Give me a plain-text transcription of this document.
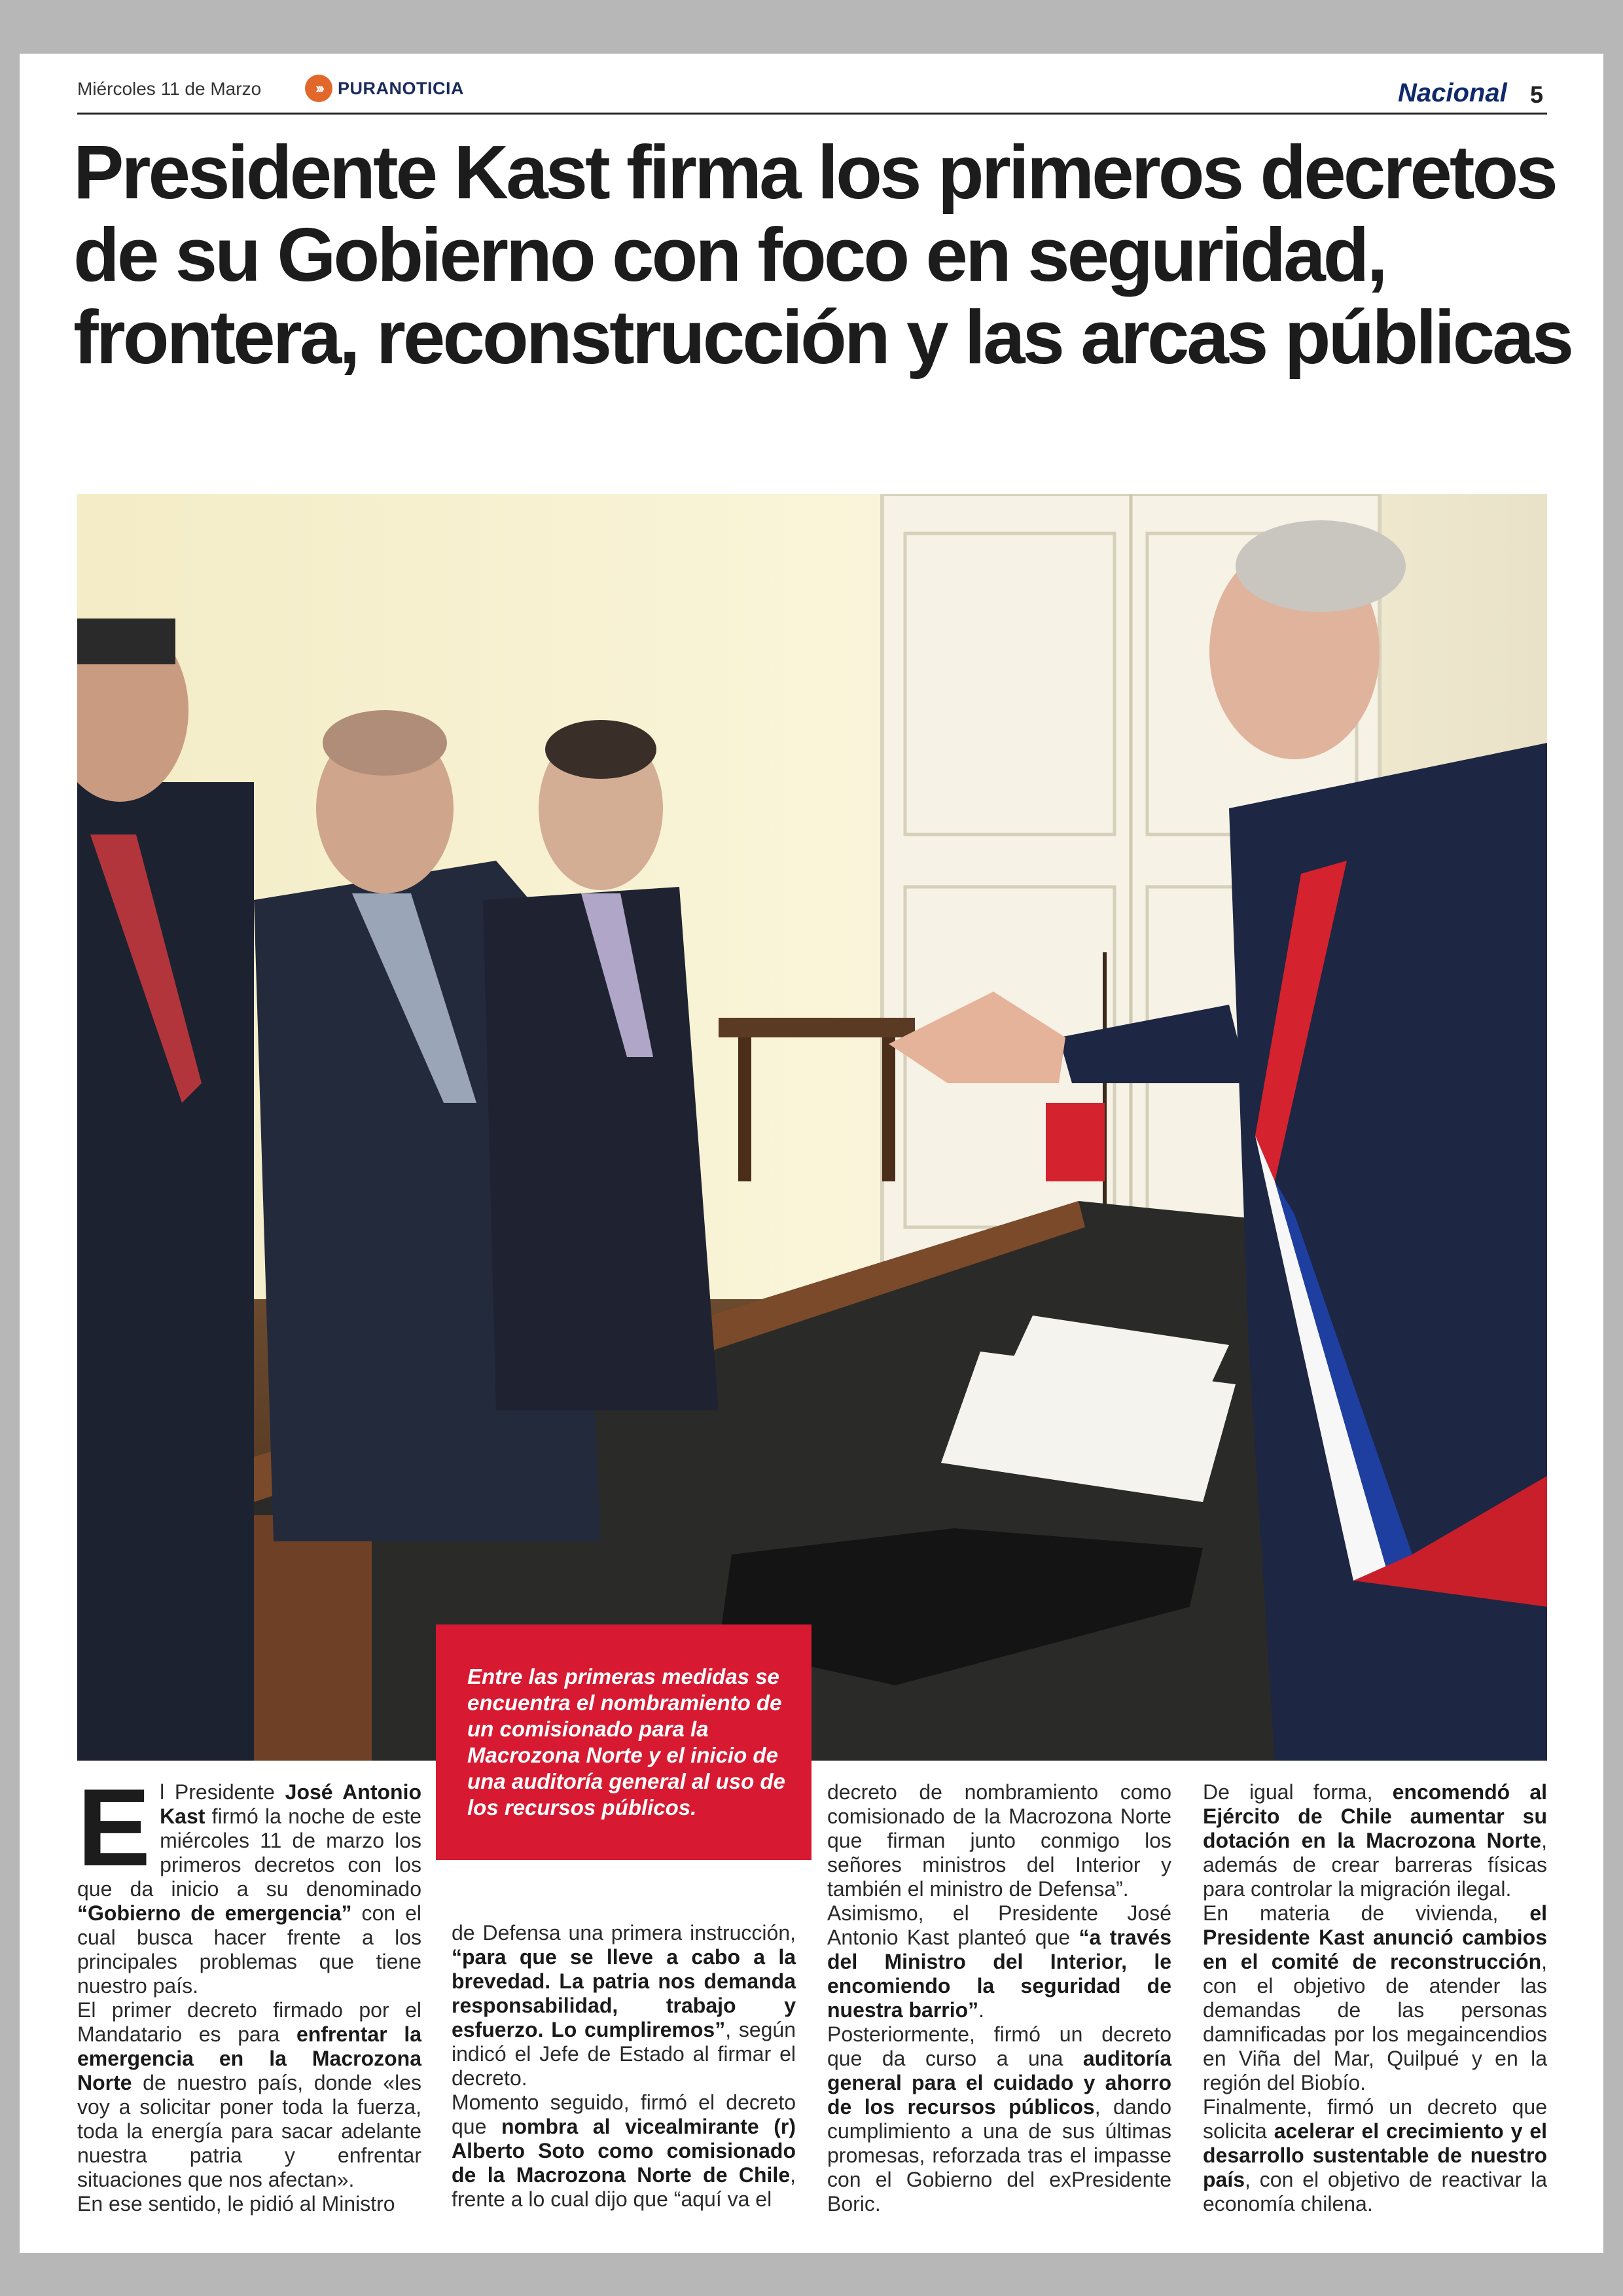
Miércoles 11 de Marzo	››› PURANOTICIA	Nacional 5
Presidente Kast firma los primeros decretos de su Gobierno con foco en seguridad, frontera, reconstrucción y las arcas públicas
Entre las primeras medidas se encuentra el nombramiento de un comisionado para la Macrozona Norte y el inicio de una auditoría general al uso de los recursos públicos.

El Presidente José Antonio Kast firmó la noche de este miércoles 11 de marzo los primeros decretos con los que da inicio a su denominado “Gobierno de emergencia” con el cual busca hacer frente a los principales problemas que tiene nuestro país.

El primer decreto firmado por el Mandatario es para enfrentar la emergencia en la Macrozona Norte de nuestro país, donde «les voy a solicitar poner toda la fuerza, toda la energía para sacar adelante nuestra patria y enfrentar situaciones que nos afectan».

En ese sentido, le pidió al Ministro

de Defensa una primera instrucción, “para que se lleve a cabo a la brevedad. La patria nos demanda responsabilidad, trabajo y esfuerzo. Lo cumpliremos”, según indicó el Jefe de Estado al firmar el decreto.

Momento seguido, firmó el decreto que nombra al vicealmirante (r) Alberto Soto como comisionado de la Macrozona Norte de Chile, frente a lo cual dijo que “aquí va el

decreto de nombramiento como comisionado de la Macrozona Norte que firman junto conmigo los señores ministros del Interior y también el ministro de Defensa”.

Asimismo, el Presidente José Antonio Kast planteó que “a través del Ministro del Interior, le encomiendo la seguridad de nuestra barrio”.

Posteriormente, firmó un decreto que da curso a una auditoría general para el cuidado y ahorro de los recursos públicos, dando cumplimiento a una de sus últimas promesas, reforzada tras el impasse con el Gobierno del exPresidente Boric.

De igual forma, encomendó al Ejército de Chile aumentar su dotación en la Macrozona Norte, además de crear barreras físicas para controlar la migración ilegal.

En materia de vivienda, el Presidente Kast anunció cambios en el comité de reconstrucción, con el objetivo de atender las demandas de las personas damnificadas por los megaincendios en Viña del Mar, Quilpué y en la región del Biobío.

Finalmente, firmó un decreto que solicita acelerar el crecimiento y el desarrollo sustentable de nuestro país, con el objetivo de reactivar la economía chilena.
